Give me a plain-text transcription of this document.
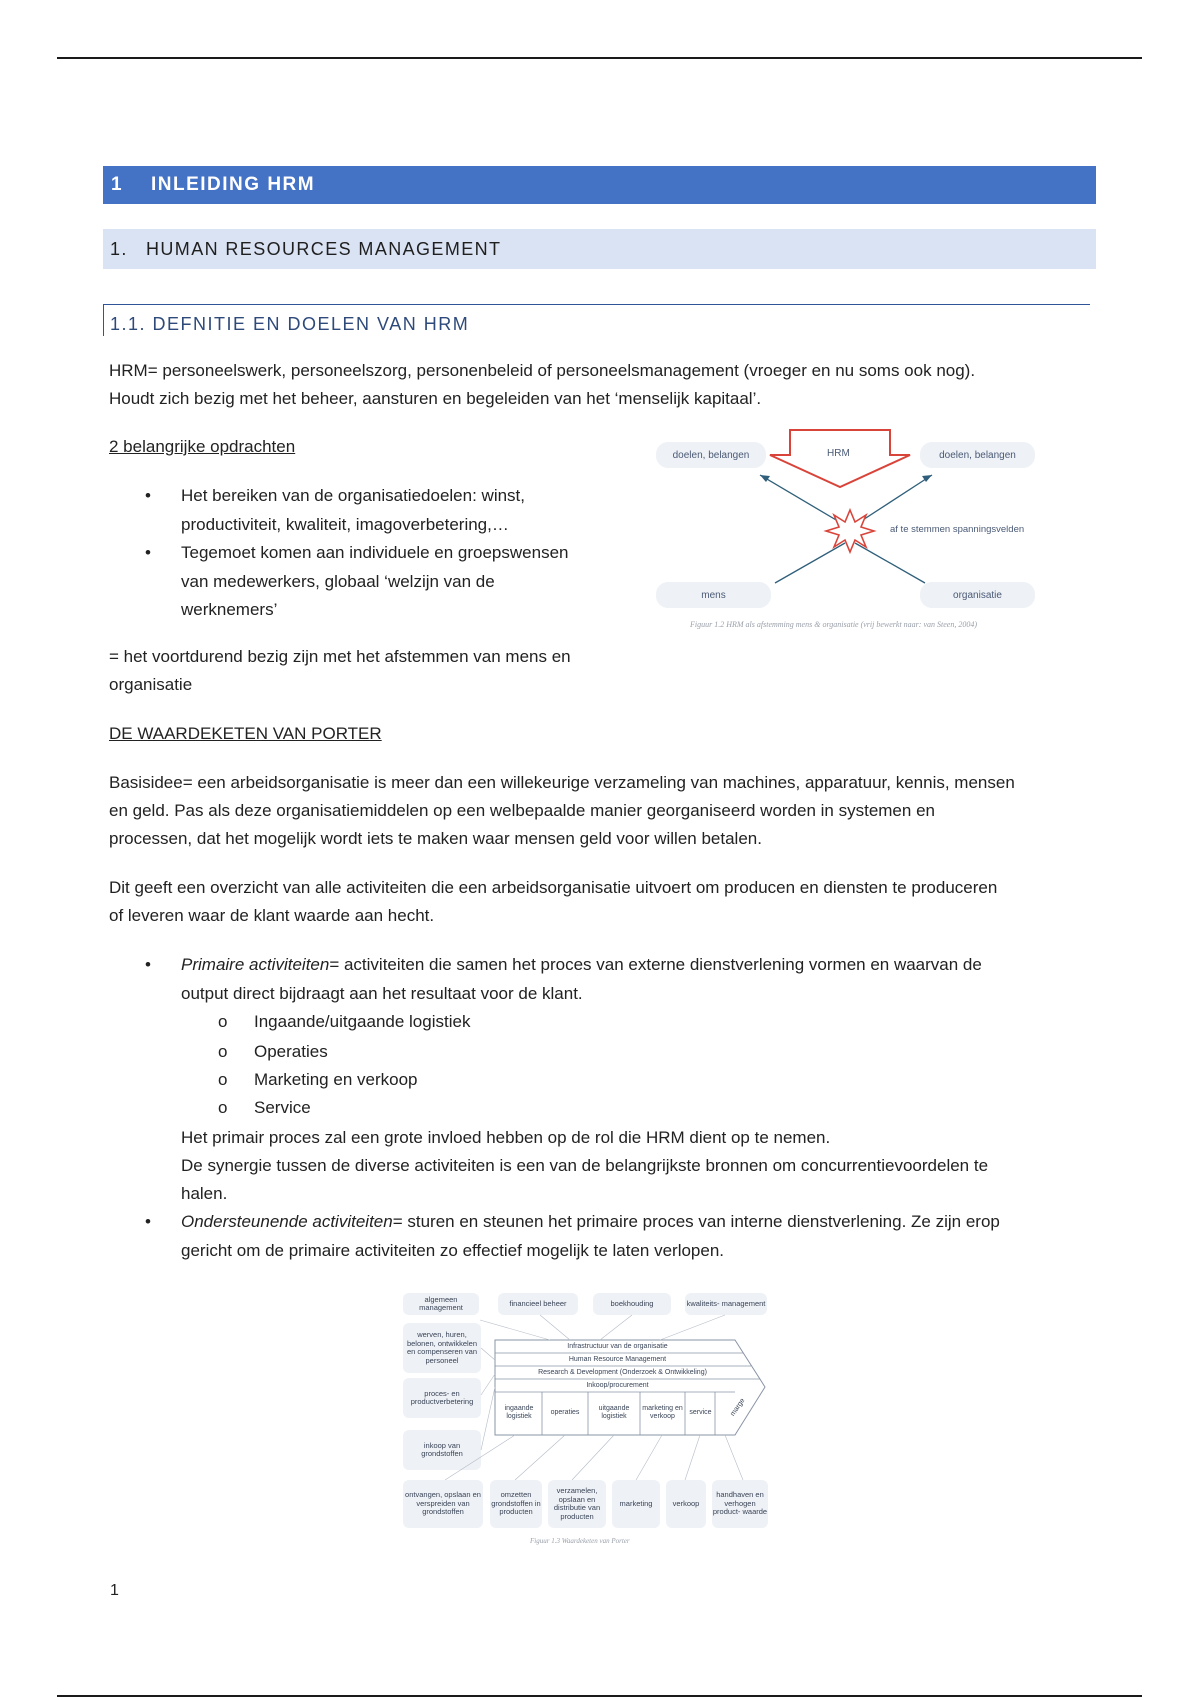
1	INLEIDING HRM
1.	HUMAN RESOURCES MANAGEMENT
1.1. DEFNITIE EN DOELEN VAN HRM

HRM= personeelswerk, personeelszorg, personenbeleid of personeelsmanagement (vroeger en nu soms ook nog).

Houdt zich bezig met het beheer, aansturen en begeleiden van het ‘menselijk kapitaal’.

2 belangrijke opdrachten

• Het bereiken van de organisatiedoelen: winst,
productiviteit, kwaliteit, imagoverbetering,…
• Tegemoet komen aan individuele en groepswensen
van medewerkers, globaal ‘welzijn van de
werknemers’

= het voortdurend bezig zijn met het afstemmen van mens en

organisatie

HRM
doelen, belangen	doelen, belangen
mens	organisatie
af te stemmen spanningsvelden
Figuur 1.2 HRM als afstemming mens & organisatie (vrij bewerkt naar: van Steen, 2004)

DE WAARDEKETEN VAN PORTER

Basisidee= een arbeidsorganisatie is meer dan een willekeurige verzameling van machines, apparatuur, kennis, mensen

en geld. Pas als deze organisatiemiddelen op een welbepaalde manier georganiseerd worden in systemen en

processen, dat het mogelijk wordt iets te maken waar mensen geld voor willen betalen.

Dit geeft een overzicht van alle activiteiten die een arbeidsorganisatie uitvoert om producen en diensten te produceren

of leveren waar de klant waarde aan hecht.

• Primaire activiteiten= activiteiten die samen het proces van externe dienstverlening vormen en waarvan de
output direct bijdraagt aan het resultaat voor de klant.
o Ingaande/uitgaande logistiek
o Operaties
o Marketing en verkoop
o Service

Het primair proces zal een grote invloed hebben op de rol die HRM dient op te nemen.

De synergie tussen de diverse activiteiten is een van de belangrijkste bronnen om concurrentievoordelen te

halen.

• Ondersteunende activiteiten= sturen en steunen het primaire proces van interne dienstverlening. Ze zijn erop
gericht om de primaire activiteiten zo effectief mogelijk te laten verlopen.
algemeen management	financieel beheer	boekhouding	kwaliteits- management
werven, huren, belonen, ontwikkelen en compenseren van personeel
proces- en productverbetering
inkoop van grondstoffen
Infrastructuur van de organisatie
Human Resource Management
Research & Development (Onderzoek & Ontwikkeling)
Inkoop/procurement
ingaande logistiek
operaties
uitgaande logistiek
marketing en verkoop
service	marge
ontvangen, opslaan en verspreiden van grondstoffen
omzetten grondstoffen in producten
verzamelen, opslaan en distributie van producten
marketing	verkoop
handhaven en verhogen product- waarde
Figuur 1.3 Waardeketen van Porter
1
